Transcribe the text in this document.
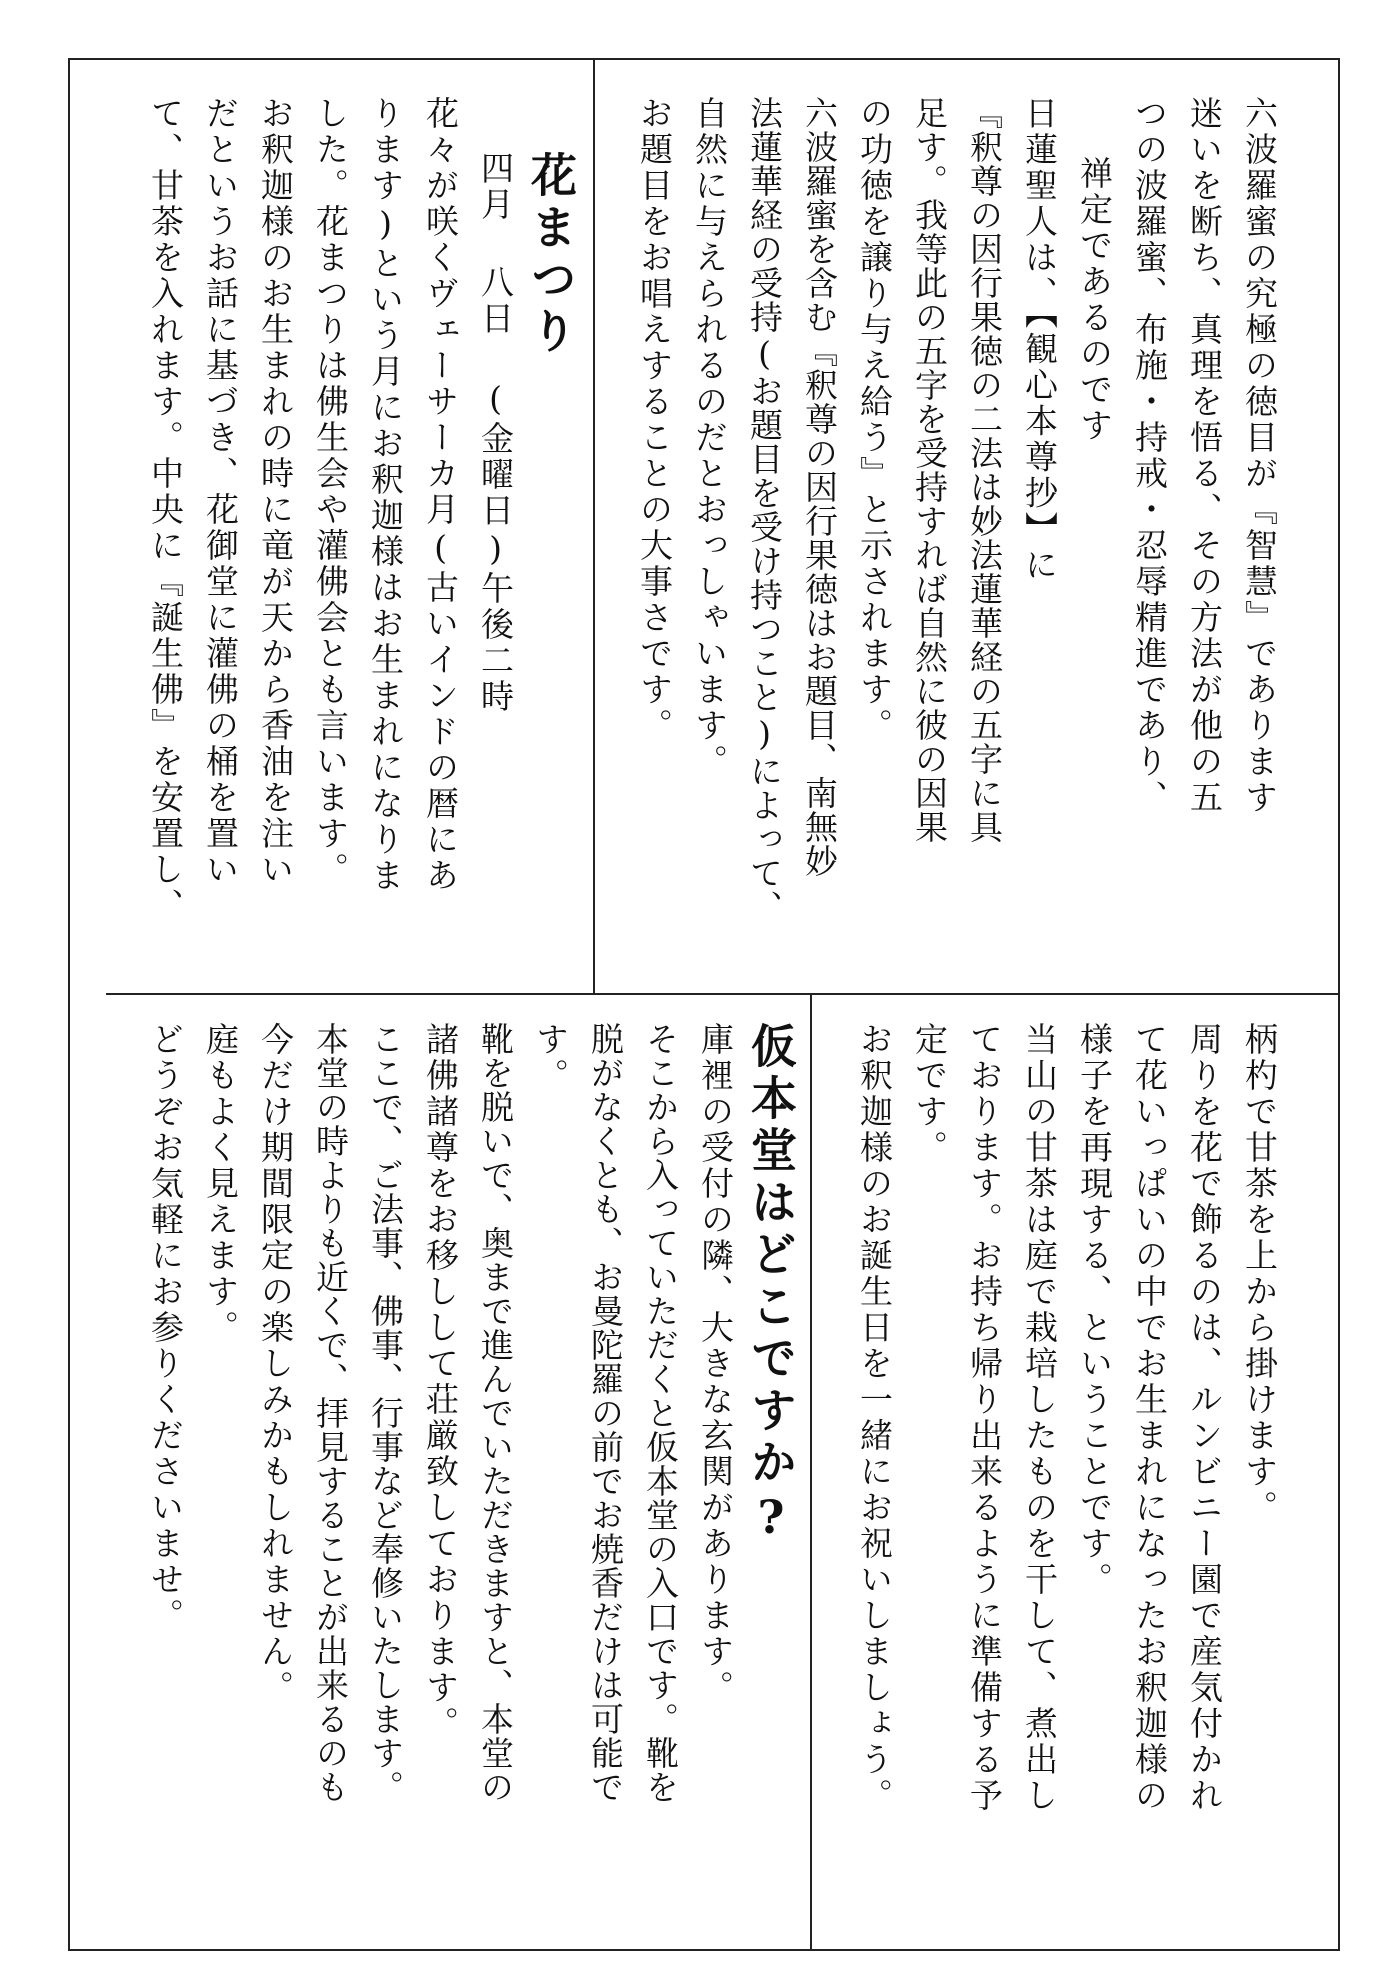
六波羅蜜の究極の徳目が『智慧』であります

迷いを断ち、真理を悟る、その方法が他の五

つの波羅蜜、布施・持戒・忍辱精進であり、

禅定であるのです

日蓮聖人は、【観心本尊抄】に

『釈尊の因行果徳の二法は妙法蓮華経の五字に具

足す。我等此の五字を受持すれば自然に彼の因果

の功徳を譲り与え給う』と示されます。

六波羅蜜を含む『釈尊の因行果徳はお題目、南無妙

法蓮華経の受持(お題目を受け持つこと)によって、

自然に与えられるのだとおっしゃいます。

お題目をお唱えすることの大事さです。

花まつり

四月 八日 (金曜日)午後二時

花々が咲くヴェーサーカ月(古いインドの暦にあ

ります)という月にお釈迦様はお生まれになりま

した。花まつりは佛生会や灌佛会とも言います。

お釈迦様のお生まれの時に竜が天から香油を注い

だというお話に基づき、花御堂に灌佛の桶を置い

て、甘茶を入れます。中央に『誕生佛』を安置し、

柄杓で甘茶を上から掛けます。

周りを花で飾るのは、ルンビニー園で産気付かれ

て花いっぱいの中でお生まれになったお釈迦様の

様子を再現する、ということです。

当山の甘茶は庭で栽培したものを干して、煮出し

ております。お持ち帰り出来るように準備する予

定です。

お釈迦様のお誕生日を一緒にお祝いしましょう。

仮本堂はどこですか?

庫裡の受付の隣、大きな玄関があります。

そこから入っていただくと仮本堂の入口です。靴を

脱がなくとも、お曼陀羅の前でお焼香だけは可能で

す。

靴を脱いで、奥まで進んでいただきますと、本堂の

諸佛諸尊をお移しして荘厳致しております。

ここで、ご法事、佛事、行事など奉修いたします。

本堂の時よりも近くで、拝見することが出来るのも

今だけ期間限定の楽しみかもしれません。

庭もよく見えます。

どうぞお気軽にお参りくださいませ。
